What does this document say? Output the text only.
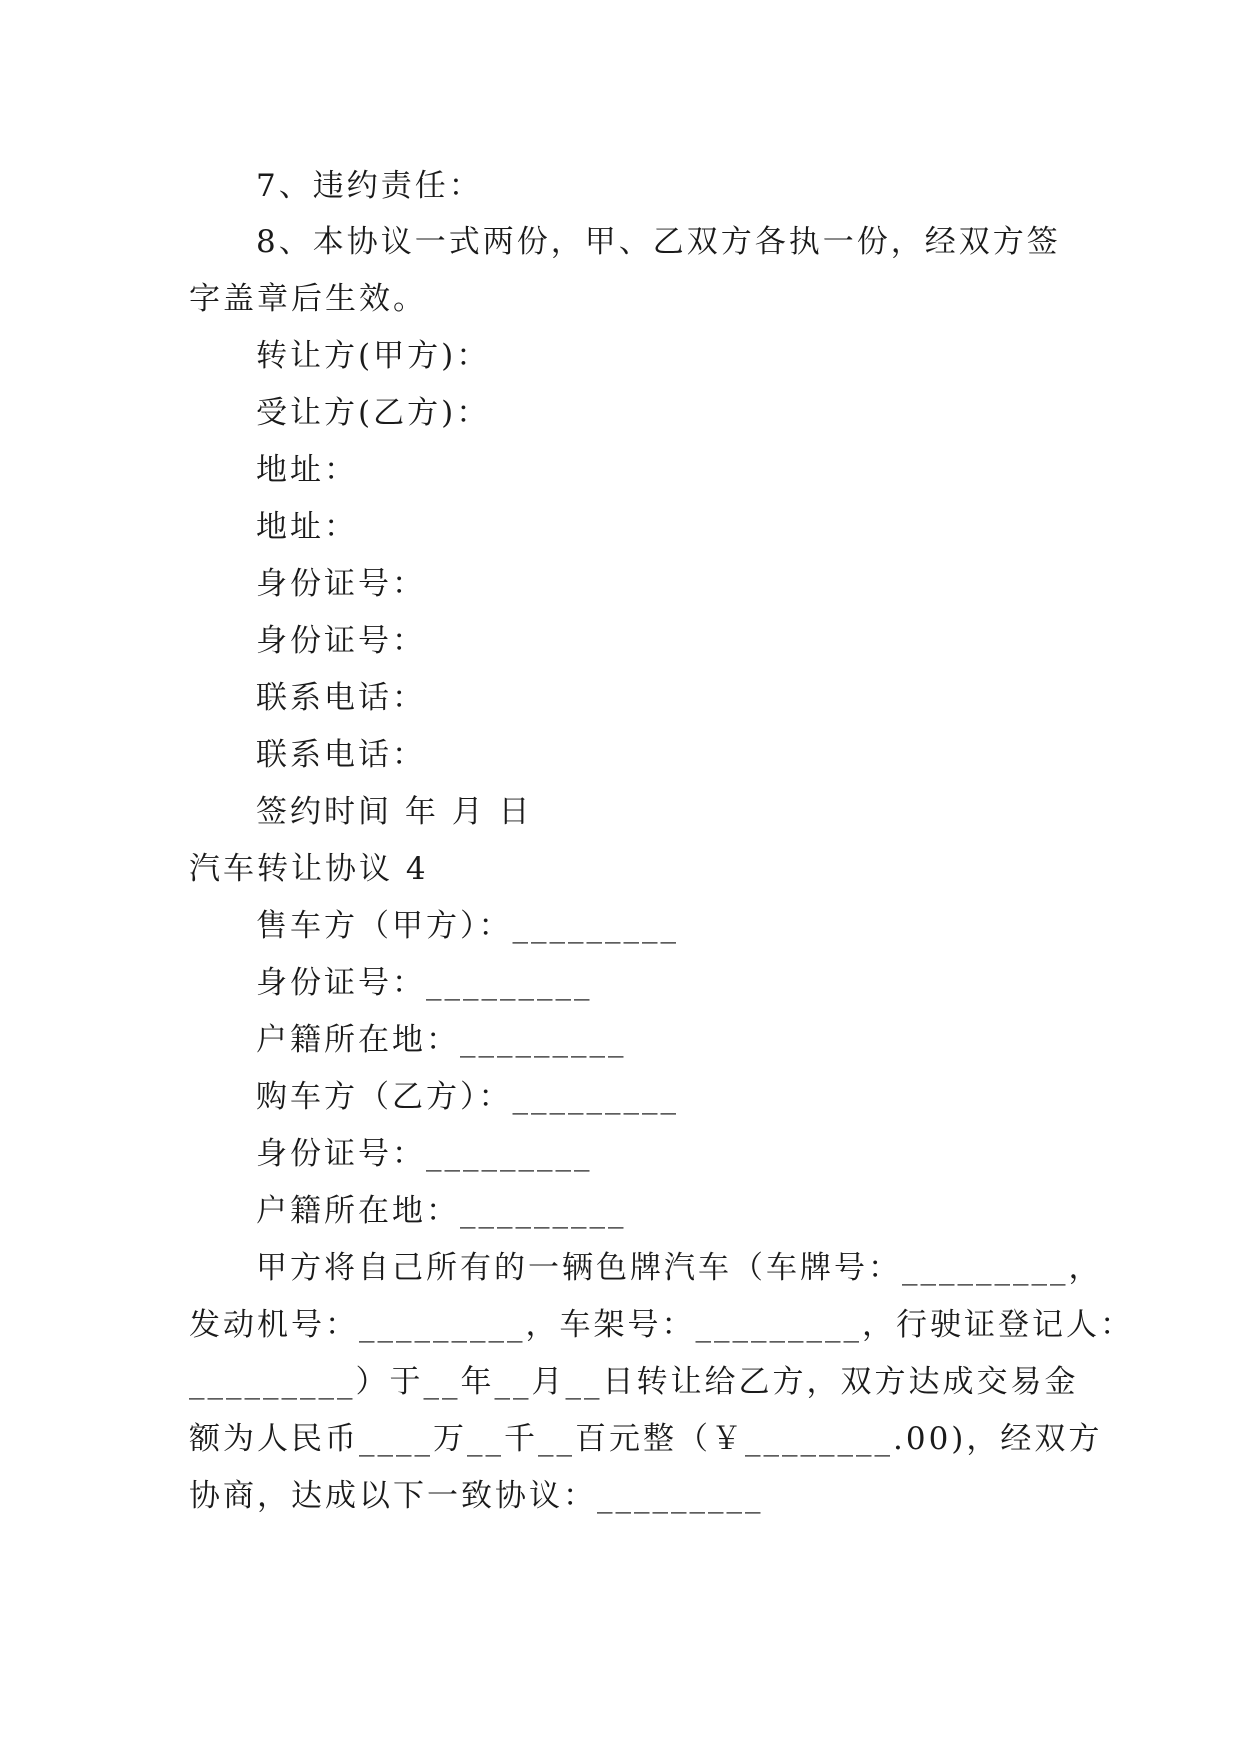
7、违约责任：
8、本协议一式两份，甲、乙双方各执一份，经双方签
字盖章后生效。
转让方(甲方)：
受让方(乙方)：
地址：
地址：
身份证号：
身份证号：
联系电话：
联系电话：
签约时间 年 月 日
汽车转让协议 4
售车方（甲方）：_________
身份证号：_________
户籍所在地：_________
购车方（乙方）：_________
身份证号：_________
户籍所在地：_________
甲方将自己所有的一辆色牌汽车（车牌号：_________，
发动机号：_________，车架号：_________，行驶证登记人：
_________）于__年__月__日转让给乙方，双方达成交易金
额为人民币____万__千__百元整（￥________.00)，经双方
协商，达成以下一致协议：_________
